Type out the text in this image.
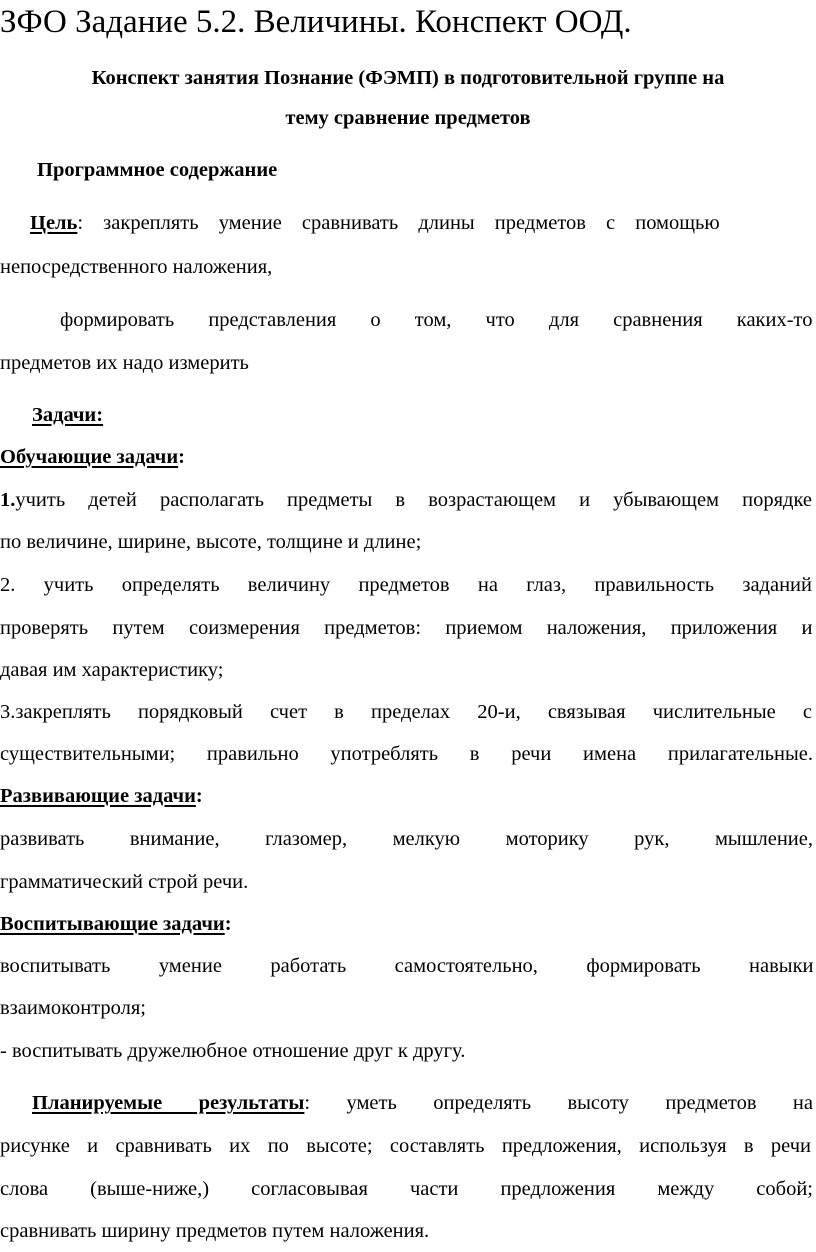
ЗФО Задание 5.2. Величины. Конспект ООД.
Конспект занятия Познание (ФЭМП) в подготовительной группе на
тему сравнение предметов
Программное содержание
Цель: закреплять умение сравнивать длины предметов с помощью
непосредственного наложения,
формировать представления о том, что для сравнения каких-то
предметов их надо измерить
Задачи:
Обучающие задачи:
1.учить детей располагать предметы в возрастающем и убывающем порядке
по величине, ширине, высоте, толщине и длине;
2. учить определять величину предметов на глаз, правильность заданий
проверять путем соизмерения предметов: приемом наложения, приложения и
давая им характеристику;
3.закреплять порядковый счет в пределах 20-и, связывая числительные с
существительными; правильно употреблять в речи имена прилагательные.
Развивающие задачи:
развивать внимание, глазомер, мелкую моторику рук, мышление,
грамматический строй речи.
Воспитывающие задачи:
воспитывать умение работать самостоятельно, формировать навыки
взаимоконтроля;
- воспитывать дружелюбное отношение друг к другу.
Планируемые результаты: уметь определять высоту предметов на
рисунке и сравнивать их по высоте; составлять предложения, используя в речи
слова (выше-ниже,) согласовывая части предложения между собой;
сравнивать ширину предметов путем наложения.
